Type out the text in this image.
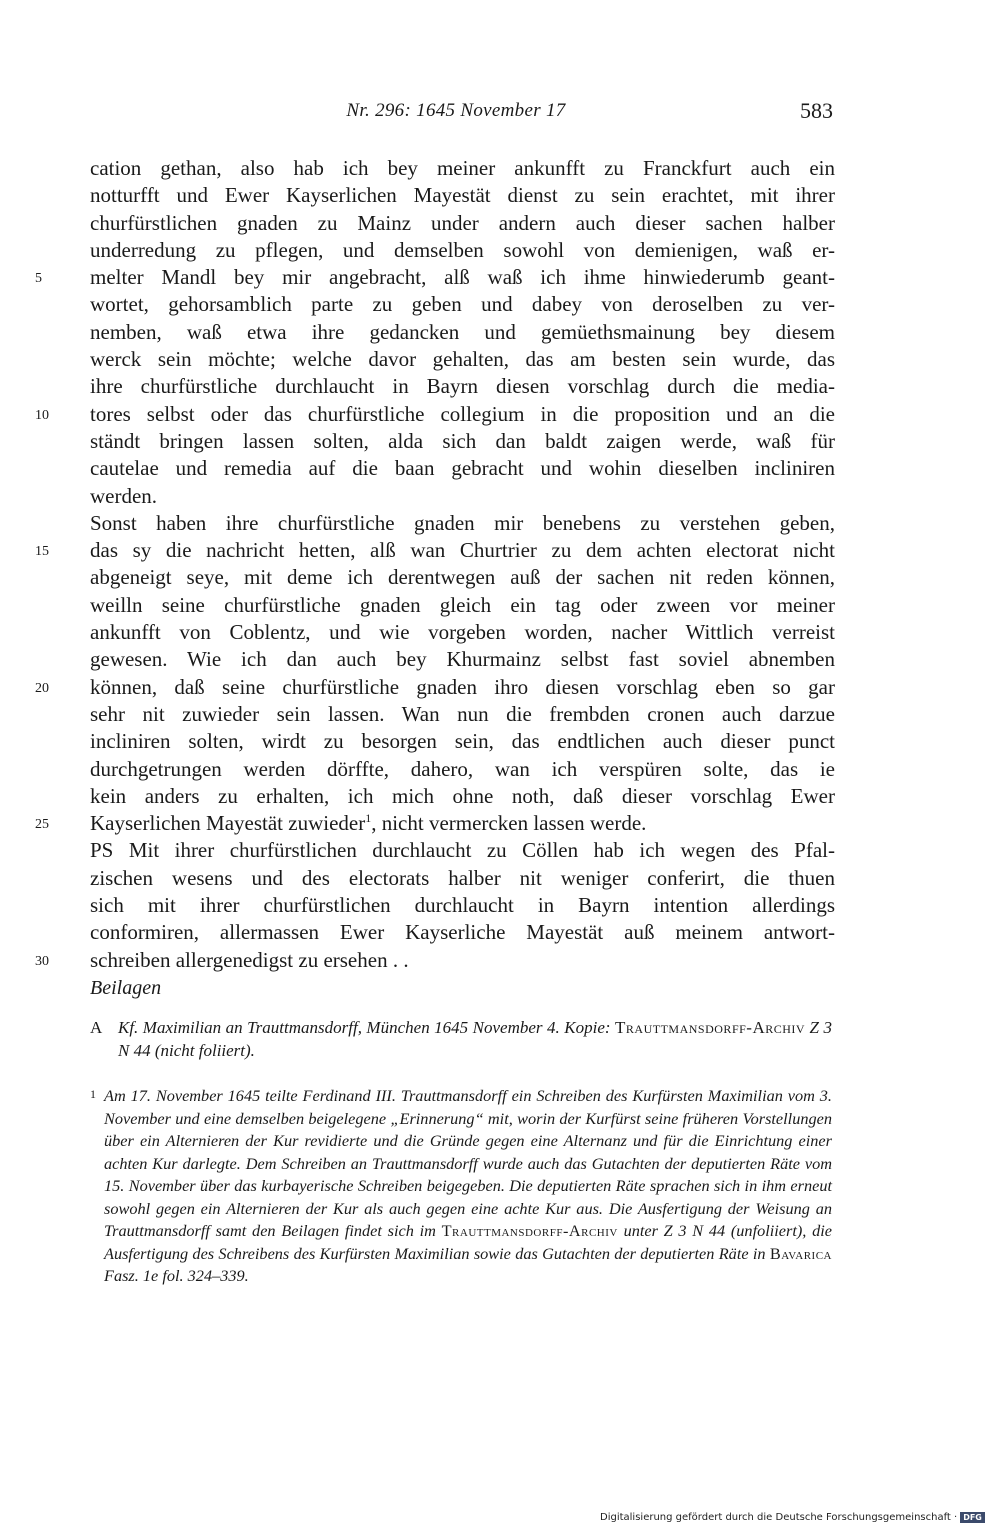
Nr. 296: 1645 November 17	583
cation gethan, also hab ich bey meiner ankunfft zu Franckfurt auch ein
notturfft und Ewer Kayserlichen Mayestät dienst zu sein erachtet, mit ihrer
churfürstlichen gnaden zu Mainz under andern auch dieser sachen halber
underredung zu pflegen, und demselben sowohl von demienigen, waß er-
melter Mandl bey mir angebracht, alß waß ich ihme hinwiederumb geant-
5
wortet, gehorsamblich parte zu geben und dabey von deroselben zu ver-
nemben, waß etwa ihre gedancken und gemüethsmainung bey diesem
werck sein möchte; welche davor gehalten, das am besten sein wurde, das
ihre churfürstliche durchlaucht in Bayrn diesen vorschlag durch die media-
tores selbst oder das churfürstliche collegium in die proposition und an die
10
ständt bringen lassen solten, alda sich dan baldt zaigen werde, waß für
cautelae und remedia auf die baan gebracht und wohin dieselben incliniren
werden.
Sonst haben ihre churfürstliche gnaden mir benebens zu verstehen geben,
das sy die nachricht hetten, alß wan Churtrier zu dem achten electorat nicht
15
abgeneigt seye, mit deme ich derentwegen auß der sachen nit reden können,
weilln seine churfürstliche gnaden gleich ein tag oder zween vor meiner
ankunfft von Coblentz, und wie vorgeben worden, nacher Wittlich verreist
gewesen. Wie ich dan auch bey Khurmainz selbst fast soviel abnemben
können, daß seine churfürstliche gnaden ihro diesen vorschlag eben so gar
20
sehr nit zuwieder sein lassen. Wan nun die frembden cronen auch darzue
incliniren solten, wirdt zu besorgen sein, das endtlichen auch dieser punct
durchgetrungen werden dörffte, dahero, wan ich verspüren solte, das ie
kein anders zu erhalten, ich mich ohne noth, daß dieser vorschlag Ewer
Kayserlichen Mayestät zuwieder$^1$, nicht vermercken lassen werde.
25
PS Mit ihrer churfürstlichen durchlaucht zu Cöllen hab ich wegen des Pfal-
zischen wesens und des electorats halber nit weniger conferirt, die thuen
sich mit ihrer churfürstlichen durchlaucht in Bayrn intention allerdings
conformiren, allermassen Ewer Kayserliche Mayestät auß meinem antwort-
schreiben allergenedigst zu ersehen . .
30
Beilagen
A Kf. Maximilian an Trauttmansdorff, München 1645 November 4. Kopie: Trauttmansdorff-Archiv Z 3 N 44 (nicht foliiert).
1 Am 17. November 1645 teilte Ferdinand III. Trauttmansdorff ein Schreiben des Kurfürsten Maximilian vom 3. November und eine demselben beigelegene „Erinnerung“ mit, worin der Kurfürst seine früheren Vorstellungen über ein Alternieren der Kur revidierte und die Gründe gegen eine Alternanz und für die Einrichtung einer achten Kur darlegte. Dem Schreiben an Trauttmansdorff wurde auch das Gutachten der deputierten Räte vom 15. November über das kurbayerische Schreiben beigegeben. Die deputierten Räte sprachen sich in ihm erneut sowohl gegen ein Alternieren der Kur als auch gegen eine achte Kur aus. Die Ausfertigung der Weisung an Trauttmansdorff samt den Beilagen findet sich im Trauttmansdorff-Archiv unter Z 3 N 44 (unfoliiert), die Ausfertigung des Schreibens des Kurfürsten Maximilian sowie das Gutachten der deputierten Räte in Bavarica Fasz. 1e fol. 324–339.
Digitalisierung gefördert durch die Deutsche Forschungsgemeinschaft · DFG
